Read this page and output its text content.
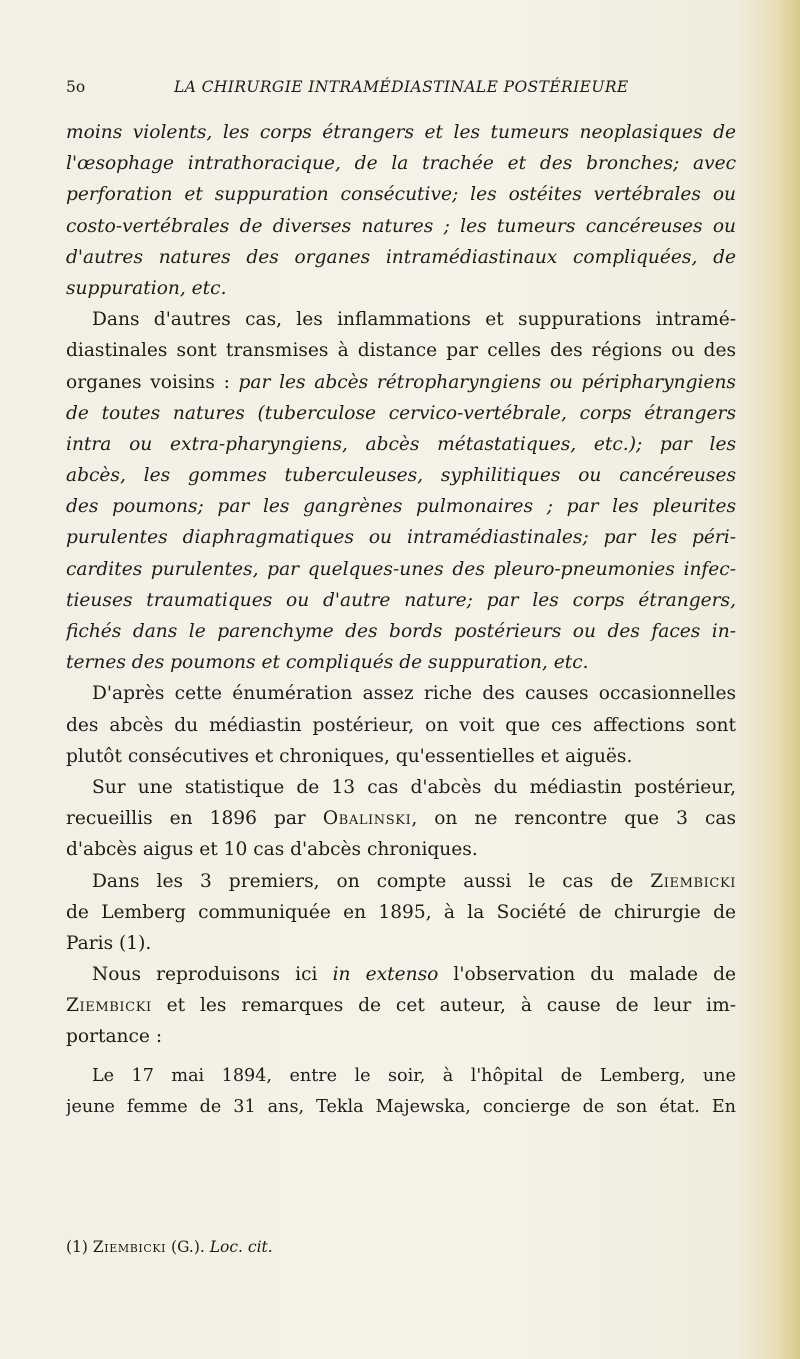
5o	LA CHIRURGIE INTRAMÉDIASTINALE POSTÉRIEURE
moins violents, les corps étrangers et les tumeurs neoplasiques de
l'œsophage intrathoracique, de la trachée et des bronches; avec
perforation et suppuration consécutive; les ostéites vertébrales ou
costo-vertébrales de diverses natures ; les tumeurs cancéreuses ou
d'autres natures des organes intramédiastinaux compliquées, de
suppuration, etc.
Dans d'autres cas, les inflammations et suppurations intramé-
diastinales sont transmises à distance par celles des régions ou des
organes voisins : par les abcès rétropharyngiens ou péripharyngiens
de toutes natures (tuberculose cervico-vertébrale, corps étrangers
intra ou extra-pharyngiens, abcès métastatiques, etc.); par les
abcès, les gommes tuberculeuses, syphilitiques ou cancéreuses
des poumons; par les gangrènes pulmonaires ; par les pleurites
purulentes diaphragmatiques ou intramédiastinales; par les péri-
cardites purulentes, par quelques-unes des pleuro-pneumonies infec-
tieuses traumatiques ou d'autre nature; par les corps étrangers,
fichés dans le parenchyme des bords postérieurs ou des faces in-
ternes des poumons et compliqués de suppuration, etc.
D'après cette énumération assez riche des causes occasionnelles
des abcès du médiastin postérieur, on voit que ces affections sont
plutôt consécutives et chroniques, qu'essentielles et aiguës.
Sur une statistique de 13 cas d'abcès du médiastin postérieur,
recueillis en 1896 par Obalinski, on ne rencontre que 3 cas
d'abcès aigus et 10 cas d'abcès chroniques.
Dans les 3 premiers, on compte aussi le cas de Ziembicki
de Lemberg communiquée en 1895, à la Société de chirurgie de
Paris (1).
Nous reproduisons ici in extenso l'observation du malade de
Ziembicki et les remarques de cet auteur, à cause de leur im-
portance :
Le 17 mai 1894, entre le soir, à l'hôpital de Lemberg, une
jeune femme de 31 ans, Tekla Majewska, concierge de son état. En
(1) Ziembicki (G.). Loc. cit.
